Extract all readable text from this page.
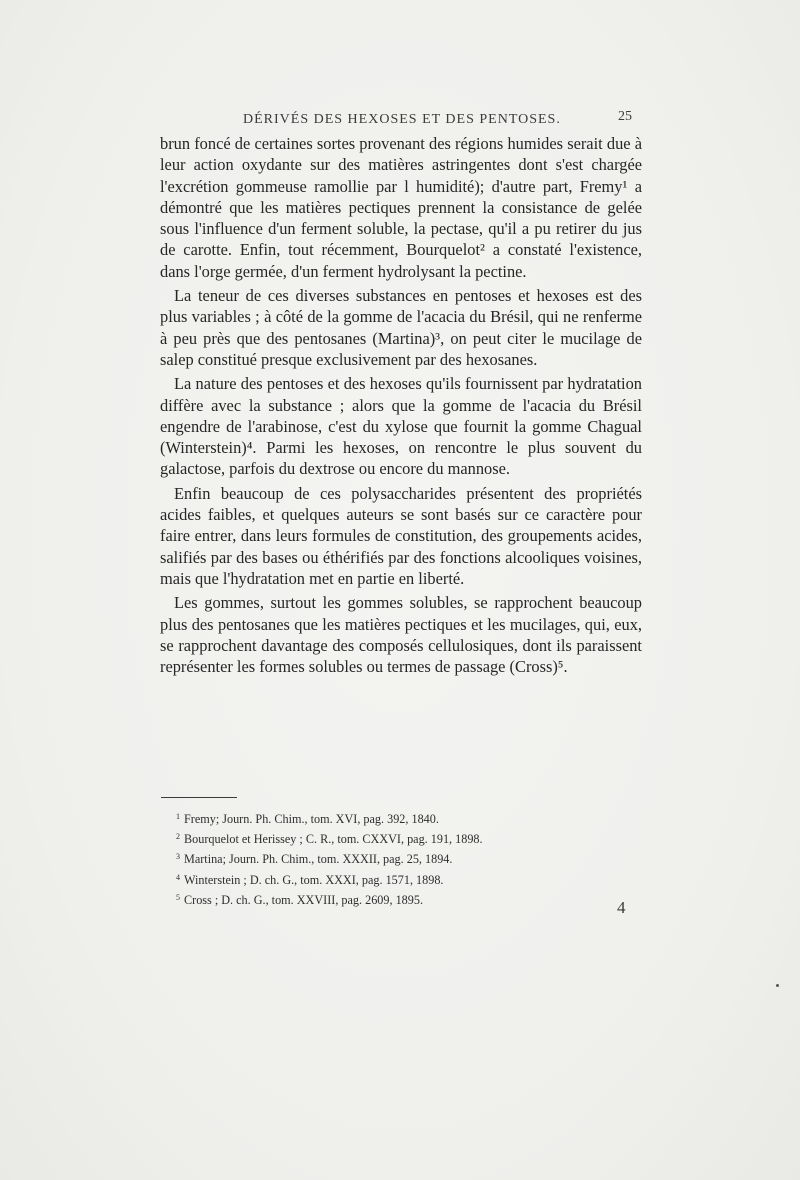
DÉRIVÉS DES HEXOSES ET DES PENTOSES.	25

brun foncé de certaines sortes provenant des régions humides serait due à leur action oxydante sur des matières astringentes dont s'est chargée l'excrétion gommeuse ramollie par l humidité); d'autre part, Fremy¹ a démontré que les matières pectiques prennent la consistance de gelée sous l'influence d'un ferment soluble, la pectase, qu'il a pu retirer du jus de carotte. Enfin, tout récemment, Bourquelot² a constaté l'existence, dans l'orge germée, d'un ferment hydrolysant la pectine.

La teneur de ces diverses substances en pentoses et hexoses est des plus variables ; à côté de la gomme de l'acacia du Brésil, qui ne renferme à peu près que des pentosanes (Martina)³, on peut citer le mucilage de salep constitué presque exclusivement par des hexosanes.

La nature des pentoses et des hexoses qu'ils fournissent par hydratation diffère avec la substance ; alors que la gomme de l'acacia du Brésil engendre de l'arabinose, c'est du xylose que fournit la gomme Chagual (Winterstein)⁴. Parmi les hexoses, on rencontre le plus souvent du galactose, parfois du dextrose ou encore du mannose.

Enfin beaucoup de ces polysaccharides présentent des propriétés acides faibles, et quelques auteurs se sont basés sur ce caractère pour faire entrer, dans leurs formules de constitution, des groupements acides, salifiés par des bases ou éthérifiés par des fonctions alcooliques voisines, mais que l'hydratation met en partie en liberté.

Les gommes, surtout les gommes solubles, se rapprochent beaucoup plus des pentosanes que les matières pectiques et les mucilages, qui, eux, se rapprochent davantage des composés cellulosiques, dont ils paraissent représenter les formes solubles ou termes de passage (Cross)⁵.

$^1$ Fremy; Journ. Ph. Chim., tom. XVI, pag. 392, 1840.
$^2$ Bourquelot et Herissey ; C. R., tom. CXXVI, pag. 191, 1898.
$^3$ Martina; Journ. Ph. Chim., tom. XXXII, pag. 25, 1894.
$^4$ Winterstein ; D. ch. G., tom. XXXI, pag. 1571, 1898.
$^5$ Cross ; D. ch. G., tom. XXVIII, pag. 2609, 1895.	4
